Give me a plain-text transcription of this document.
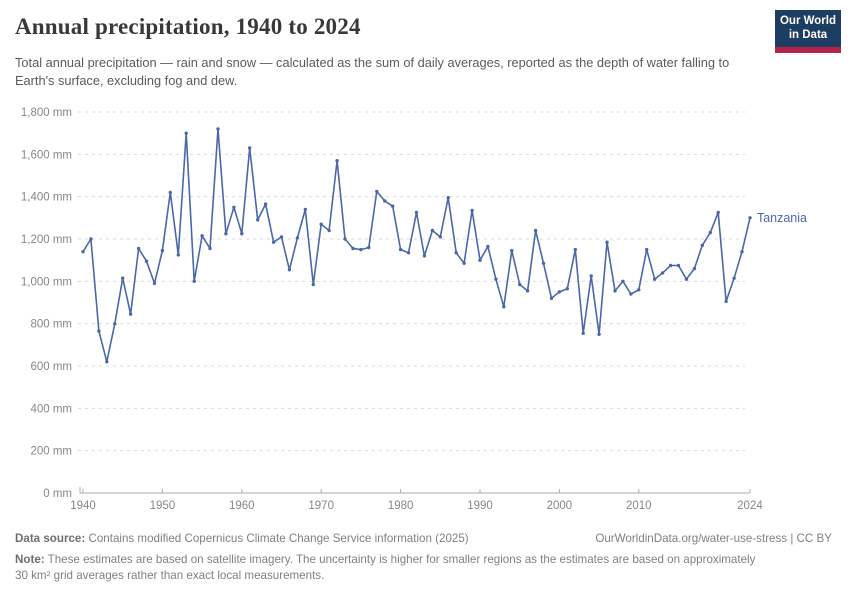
Annual precipitation, 1940 to 2024	Our World
in Data

Total annual precipitation — rain and snow — calculated as the sum of daily averages, reported as the depth of water falling to Earth's surface, excluding fog and dew.

0 mm
200 mm
400 mm
600 mm
800 mm
1,000 mm
1,200 mm
1,400 mm
1,600 mm
1,800 mm
1940	1950	1960	1970	1980	1990	2000	2010	2024
Tanzania
Data source: Contains modified Copernicus Climate Change Service information (2025)	OurWorldinData.org/water-use-stress | CC BY
Note: These estimates are based on satellite imagery. The uncertainty is higher for smaller regions as the estimates are based on approximately 30 km² grid averages rather than exact local measurements.
